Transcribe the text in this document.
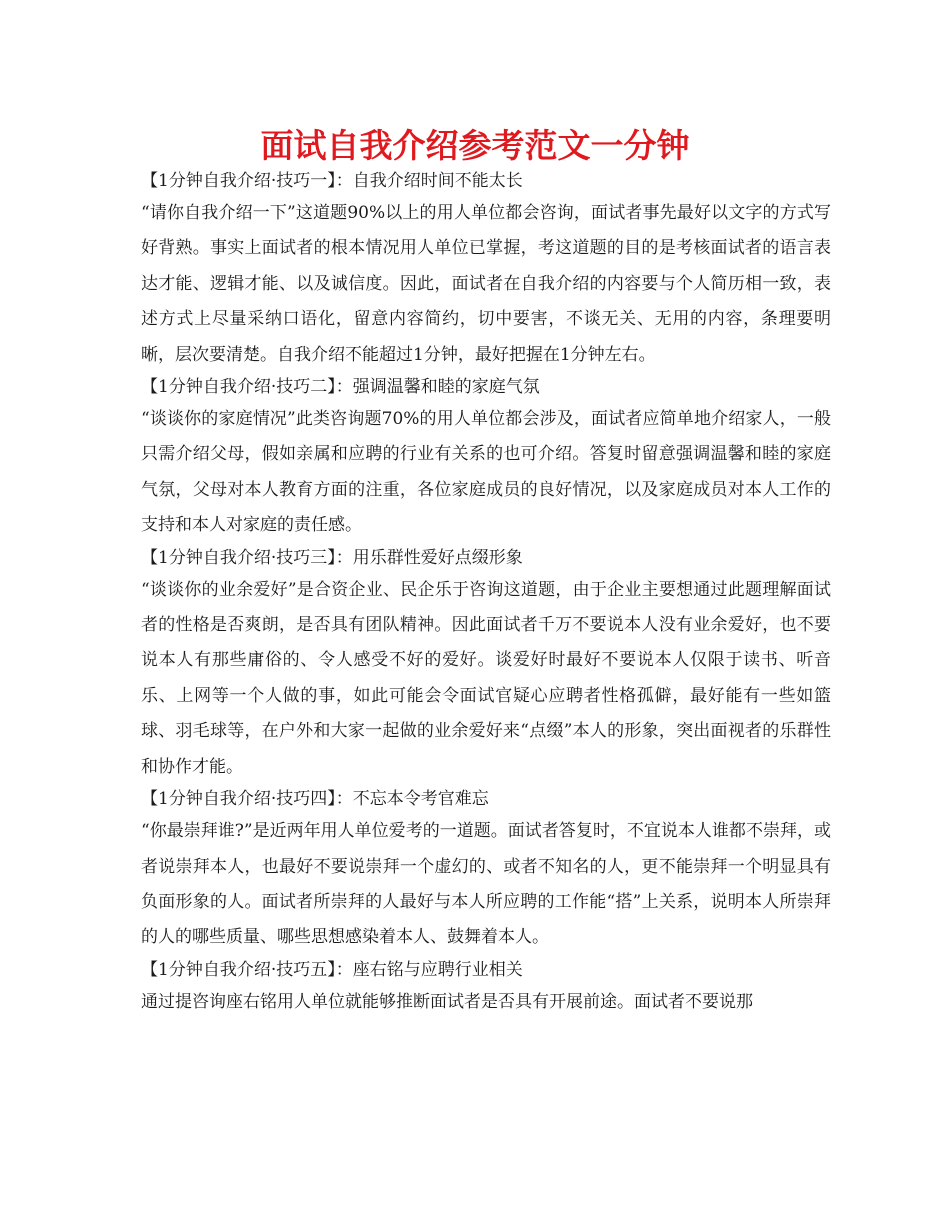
面试自我介绍参考范文一分钟
【1分钟自我介绍·技巧一】：自我介绍时间不能太长

“请你自我介绍一下”这道题90%以上的用人单位都会咨询，面试者事先最好以文字的方式写好背熟。事实上面试者的根本情况用人单位已掌握，考这道题的目的是考核面试者的语言表达才能、逻辑才能、以及诚信度。因此，面试者在自我介绍的内容要与个人简历相一致，表述方式上尽量采纳口语化，留意内容简约，切中要害，不谈无关、无用的内容，条理要明晰，层次要清楚。自我介绍不能超过1分钟，最好把握在1分钟左右。

【1分钟自我介绍·技巧二】：强调温馨和睦的家庭气氛

“谈谈你的家庭情况”此类咨询题70%的用人单位都会涉及，面试者应简单地介绍家人，一般只需介绍父母，假如亲属和应聘的行业有关系的也可介绍。答复时留意强调温馨和睦的家庭气氛，父母对本人教育方面的注重，各位家庭成员的良好情况，以及家庭成员对本人工作的支持和本人对家庭的责任感。

【1分钟自我介绍·技巧三】：用乐群性爱好点缀形象

“谈谈你的业余爱好”是合资企业、民企乐于咨询这道题，由于企业主要想通过此题理解面试者的性格是否爽朗，是否具有团队精神。因此面试者千万不要说本人没有业余爱好，也不要说本人有那些庸俗的、令人感受不好的爱好。谈爱好时最好不要说本人仅限于读书、听音乐、上网等一个人做的事，如此可能会令面试官疑心应聘者性格孤僻，最好能有一些如篮球、羽毛球等，在户外和大家一起做的业余爱好来“点缀”本人的形象，突出面视者的乐群性和协作才能。

【1分钟自我介绍·技巧四】：不忘本令考官难忘

“你最崇拜谁?”是近两年用人单位爱考的一道题。面试者答复时，不宜说本人谁都不崇拜，或者说崇拜本人，也最好不要说崇拜一个虚幻的、或者不知名的人，更不能崇拜一个明显具有负面形象的人。面试者所崇拜的人最好与本人所应聘的工作能“搭”上关系，说明本人所崇拜的人的哪些质量、哪些思想感染着本人、鼓舞着本人。

【1分钟自我介绍·技巧五】：座右铭与应聘行业相关

通过提咨询座右铭用人单位就能够推断面试者是否具有开展前途。面试者不要说那
